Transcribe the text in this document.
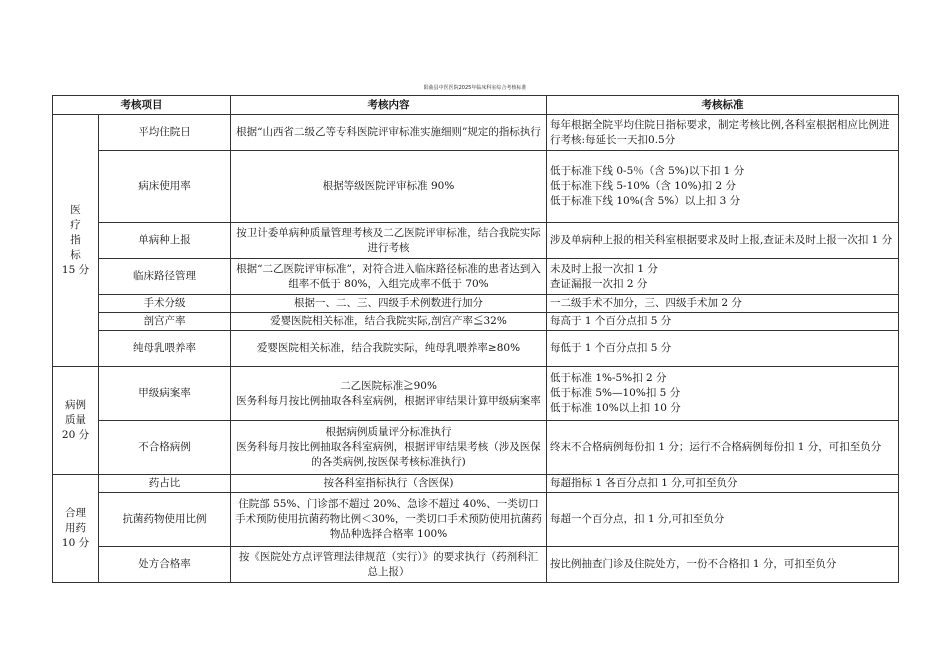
阳曲县中医医院2025年临床科室综合考核标准
考核项目		考核内容	考核标准

医
疗
指
标
15 分	平均住院日	根据“山西省二级乙等专科医院评审标准实施细则”规定的指标执行	每年根据全院平均住院日指标要求，制定考核比例,各科室根据相应比例进行考核:每延长一天扣0.5分

	病床使用率	根据等级医院评审标准 90%	低于标准下线 0-5％（含 5%)以下扣 1 分
低于标准下线 5-10%（含 10%)扣 2 分
低于标准下线 10%(含 5%）以上扣 3 分

	单病种上报	按卫计委单病种质量管理考核及二乙医院评审标准，结合我院实际进行考核	涉及单病种上报的相关科室根据要求及时上报,查证未及时上报一次扣 1 分

	临床路径管理	根据“二乙医院评审标准”，对符合进入临床路径标准的患者达到入组率不低于 80%，入组完成率不低于 70%	未及时上报一次扣 1 分
查证漏报一次扣 2 分

	手术分级	根据一、二、三、四级手术例数进行加分	一二级手术不加分，三、四级手术加 2 分

	剖宫产率	爱婴医院相关标准，结合我院实际,剖宫产率≦32%	每高于 1 个百分点扣 5 分

	纯母乳喂养率	爱婴医院相关标准，结合我院实际，纯母乳喂养率≥80%	每低于 1 个百分点扣 5 分

病例
质量
20 分	甲级病案率	二乙医院标准≧90%
医务科每月按比例抽取各科室病例，根据评审结果计算甲级病案率	低于标准 1%-5%扣 2 分
低于标准 5%—10%扣 5 分
低于标准 10%以上扣 10 分

	不合格病例	根据病例质量评分标准执行
医务科每月按比例抽取各科室病例，根据评审结果考核（涉及医保的各类病例,按医保考核标准执行)	终末不合格病例每份扣 1 分；运行不合格病例每份扣 1 分，可扣至负分

合理
用药
10 分	药占比	按各科室指标执行（含医保)	每超指标 1 各百分点扣 1 分,可扣至负分

	抗菌药物使用比例	住院部 55%、门诊部不超过 20%、急诊不超过 40%、一类切口手术预防使用抗菌药物比例＜30%，一类切口手术预防使用抗菌药物品种选择合格率 100%	每超一个百分点，扣 1 分,可扣至负分

	处方合格率	按《医院处方点评管理法律规范（实行）》的要求执行（药剂科汇总上报）	按比例抽查门诊及住院处方，一份不合格扣 1 分，可扣至负分
